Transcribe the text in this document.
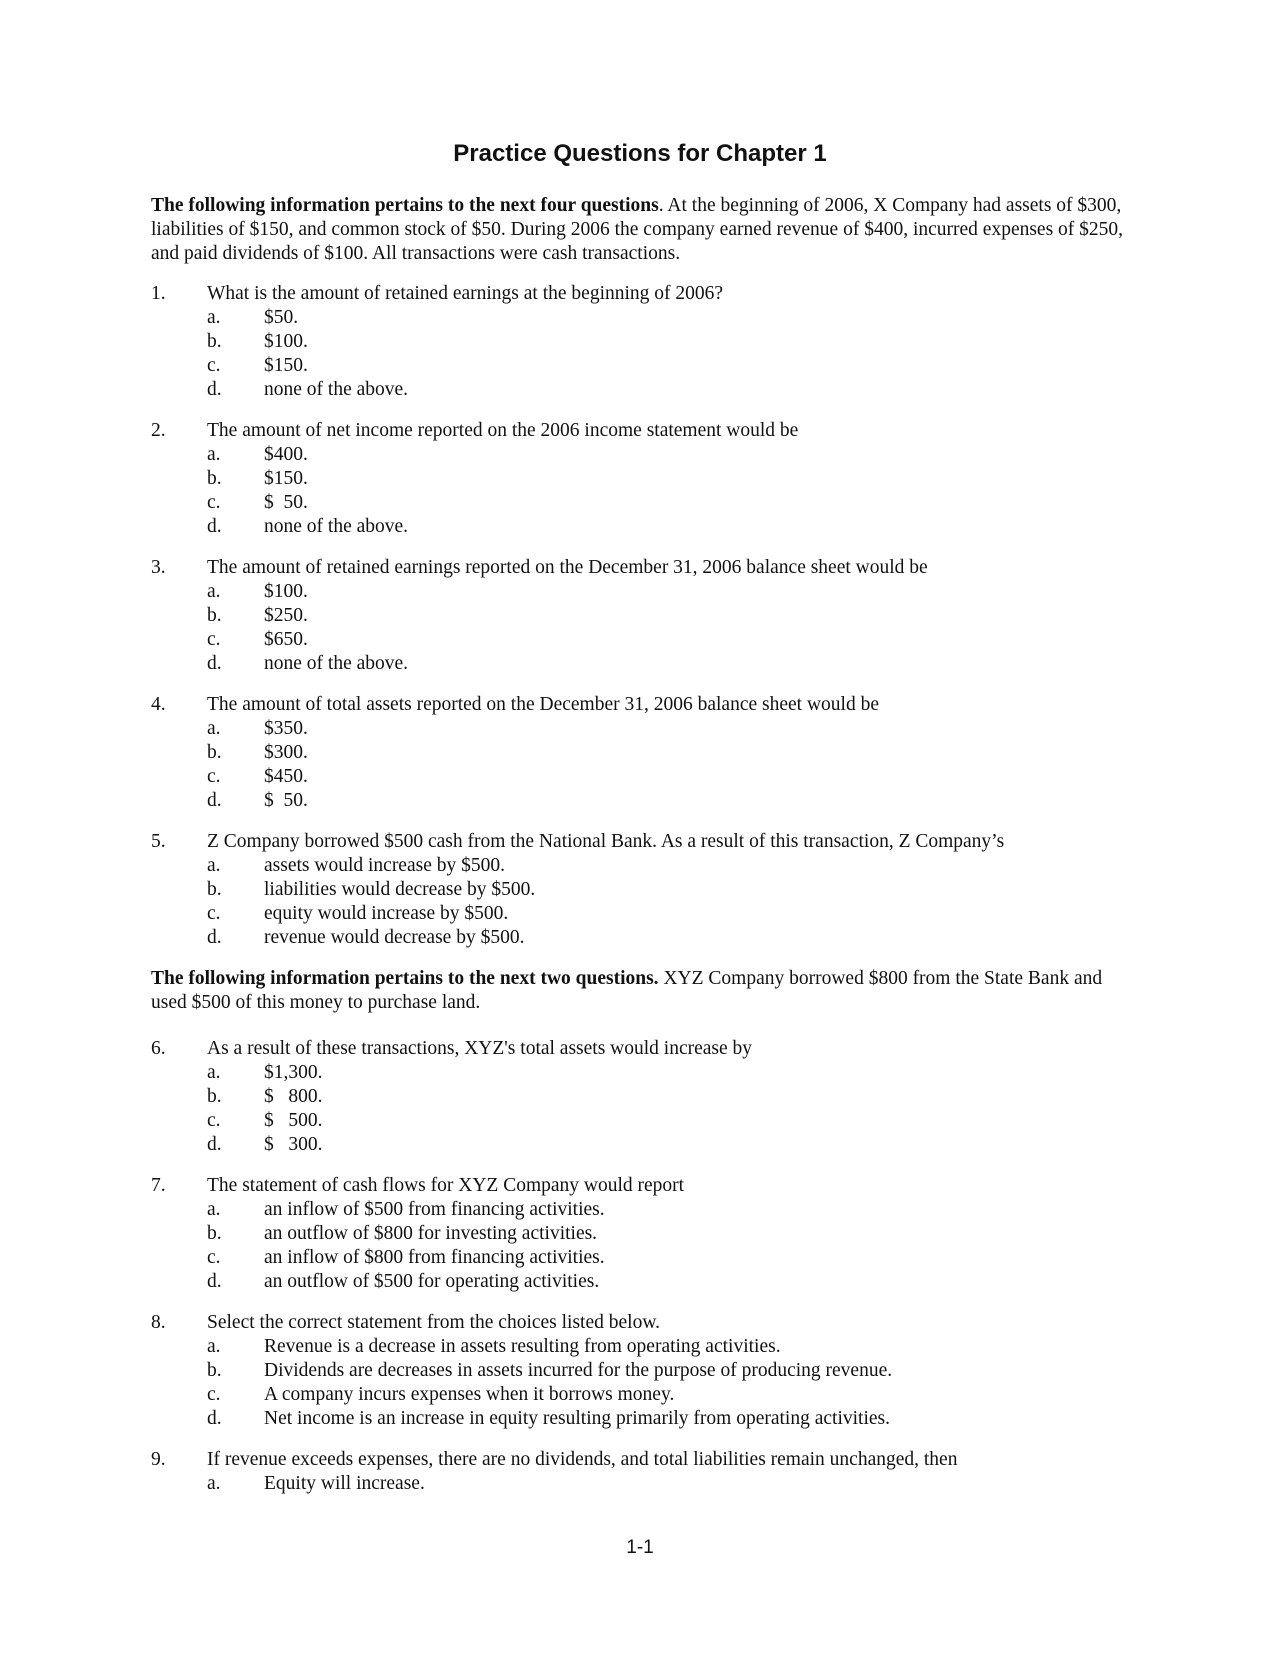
Practice Questions for Chapter 1

The following information pertains to the next four questions. At the beginning of 2006, X Company had assets of $300, liabilities of $150, and common stock of $50. During 2006 the company earned revenue of $400, incurred expenses of $250, and paid dividends of $100. All transactions were cash transactions.

1.	What is the amount of retained earnings at the beginning of 2006?
a.	$50.
b.	$100.
c.	$150.
d.	none of the above.
2.	The amount of net income reported on the 2006 income statement would be
a.	$400.
b.	$150.
c.	$  50.
d.	none of the above.
3.	The amount of retained earnings reported on the December 31, 2006 balance sheet would be
a.	$100.
b.	$250.
c.	$650.
d.	none of the above.
4.	The amount of total assets reported on the December 31, 2006 balance sheet would be
a.	$350.
b.	$300.
c.	$450.
d.	$  50.
5.	Z Company borrowed $500 cash from the National Bank. As a result of this transaction, Z Company’s
a.	assets would increase by $500.
b.	liabilities would decrease by $500.
c.	equity would increase by $500.
d.	revenue would decrease by $500.

The following information pertains to the next two questions. XYZ Company borrowed $800 from the State Bank and used $500 of this money to purchase land.

6.	As a result of these transactions, XYZ's total assets would increase by
a.	$1,300.
b.	$   800.
c.	$   500.
d.	$   300.
7.	The statement of cash flows for XYZ Company would report
a.	an inflow of $500 from financing activities.
b.	an outflow of $800 for investing activities.
c.	an inflow of $800 from financing activities.
d.	an outflow of $500 for operating activities.
8.	Select the correct statement from the choices listed below.
a.	Revenue is a decrease in assets resulting from operating activities.
b.	Dividends are decreases in assets incurred for the purpose of producing revenue.
c.	A company incurs expenses when it borrows money.
d.	Net income is an increase in equity resulting primarily from operating activities.
9.	If revenue exceeds expenses, there are no dividends, and total liabilities remain unchanged, then
a.	Equity will increase.
1-1
